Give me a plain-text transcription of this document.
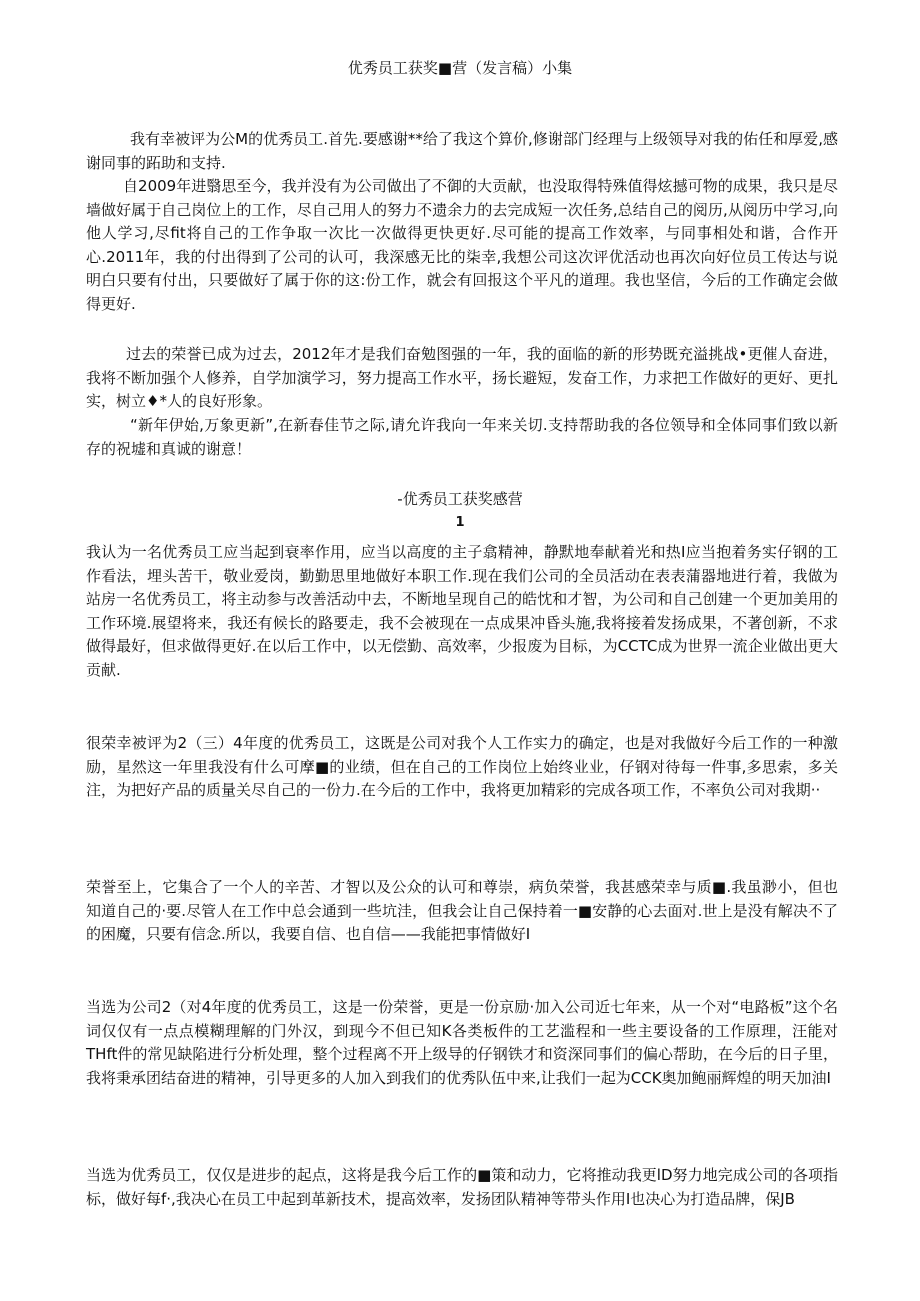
优秀员工获奖■营（发言稿）小集

我有幸被评为公M的优秀员工.首先.要感谢**给了我这个算价,修谢部门经理与上级领导对我的佑任和厚爱,感谢同事的跖助和支持.

自2009年进翳思至今，我并没有为公司做出了不御的大贡献，也没取得特殊值得炫撼可物的成果，我只是尽墙做好属于自己岗位上的工作，尽自己用人的努力不遗余力的去完成短一次任务,总结自己的阅历,从阅历中学习,向他人学习,尽fit将自己的工作争取一次比一次做得更快更好.尽可能的提高工作效率，与同事相处和谐，合作开心.2011年，我的付出得到了公司的认可，我深感无比的柒幸,我想公司这次评优活动也再次向好位员工传达与说明白只要有付出，只要做好了属于你的这:份工作，就会有回报这个平凡的道理。我也坚信，今后的工作确定会做得更好.

过去的荣誉已成为过去，2012年才是我们奋勉图强的一年，我的面临的新的形势既充溢挑战•更催人奋进，我将不断加强个人修养，自学加演学习，努力提高工作水平，扬长避短，发奋工作，力求把工作做好的更好、更扎实，树立♦*人的良好形象。

“新年伊始,万象更新”,在新春佳节之际,请允许我向一年来关切.支持帮助我的各位领导和全体同事们致以新存的祝墟和真诚的谢意！

-优秀员工获奖感营
1

我认为一名优秀员工应当起到衰率作用，应当以高度的主子翕精神，静默地奉献着光和热I应当抱着务实仔钢的工作看法，埋头苦干，敬业爱岗，勤勤思里地做好本职工作.现在我们公司的全员活动在表表蒲器地进行着，我做为站房一名优秀员工，将主动参与改善活动中去，不断地呈现自己的皓忱和才智，为公司和自己创建一个更加美用的工作环境.展望将来，我还有候长的路要走，我不会被现在一点成果冲昏头施,我将接着发扬成果，不著创新，不求做得最好，但求做得更好.在以后工作中，以无偿勤、高效率，少报废为目标，为CCTC成为世界一流企业做出更大贡献.

很荣幸被评为2（三）4年度的优秀员工，这既是公司对我个人工作实力的确定，也是对我做好今后工作的一种激励，星然这一年里我没有什么可摩■的业绩，但在自己的工作岗位上始终业业，仔钢对待每一件事,多思索，多关注，为把好产品的质量关尽自己的一份力.在今后的工作中，我将更加精彩的完成各项工作，不率负公司对我期··

荣誉至上，它集合了一个人的辛苦、才智以及公众的认可和尊崇，病负荣誉，我甚感荣幸与质■.我虽渺小，但也知道自己的·要.尽管人在工作中总会通到一些坑洼，但我会让自己保持着一■安静的心去面对.世上是没有解决不了的困魔，只要有信念.所以，我要自信、也自信——我能把事情做好I

当选为公司2（对4年度的优秀员工，这是一份荣誉，更是一份京励·加入公司近七年来，从一个对“电路板”这个名词仅仅有一点点模糊理解的门外汉，到现今不但已知K各类板件的工艺滥程和一些主要设备的工作原理，汪能对THft件的常见缺陷进行分析处理，整个过程离不开上级导的仔钢铁才和资深同事们的偏心帮助，在今后的日子里，我将秉承团结奋进的精神，引导更多的人加入到我们的优秀队伍中来,让我们一起为CCK奥加鲍丽辉煌的明天加油I

当选为优秀员工，仅仅是进步的起点，这将是我今后工作的■策和动力，它将推动我更lD努力地完成公司的各项指标，做好每f·,我决心在员工中起到革新技术，提高效率，发扬团队精神等带头作用I也决心为打造品牌，保JB
